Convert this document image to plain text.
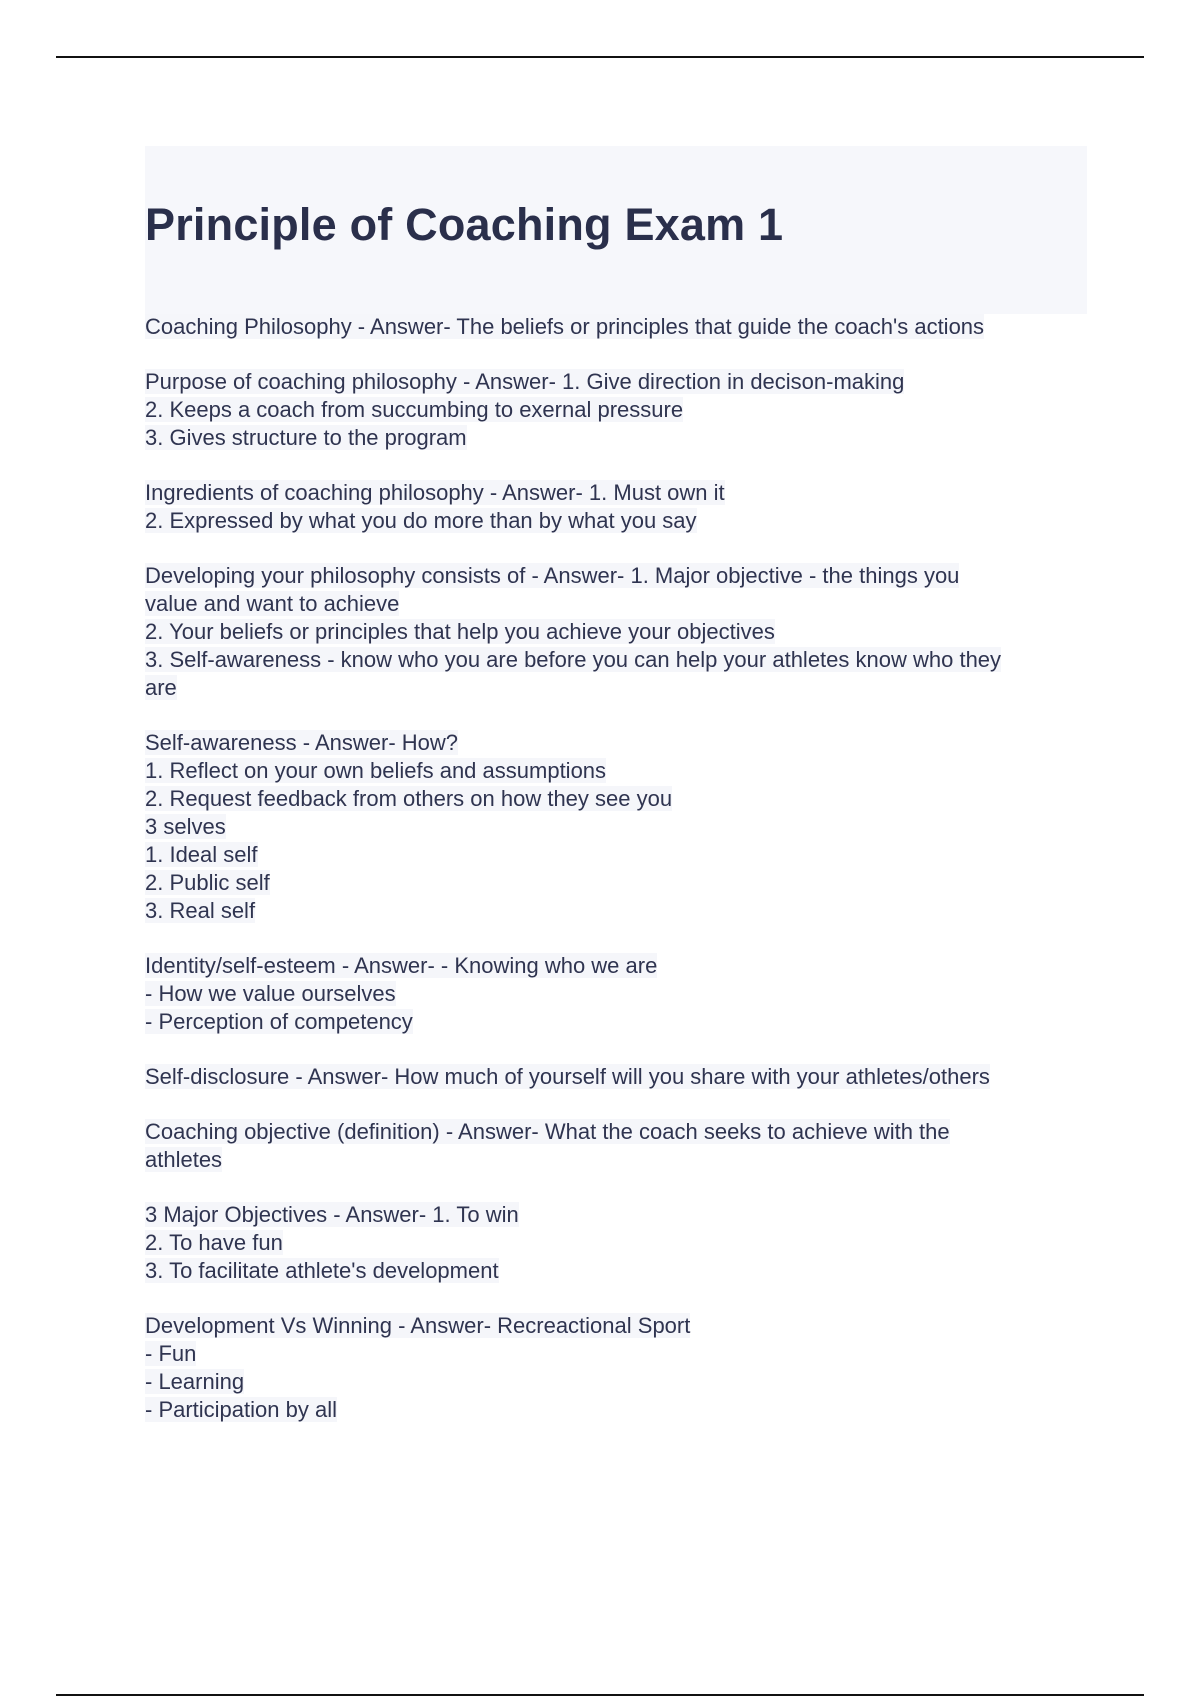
Principle of Coaching Exam 1
Coaching Philosophy - Answer- The beliefs or principles that guide the coach's actions
Purpose of coaching philosophy - Answer- 1. Give direction in decison-making
2. Keeps a coach from succumbing to exernal pressure
3. Gives structure to the program
Ingredients of coaching philosophy - Answer- 1. Must own it
2. Expressed by what you do more than by what you say
Developing your philosophy consists of - Answer- 1. Major objective - the things you
value and want to achieve
2. Your beliefs or principles that help you achieve your objectives
3. Self-awareness - know who you are before you can help your athletes know who they
are
Self-awareness - Answer- How?
1. Reflect on your own beliefs and assumptions
2. Request feedback from others on how they see you
3 selves
1. Ideal self
2. Public self
3. Real self
Identity/self-esteem - Answer- - Knowing who we are
- How we value ourselves
- Perception of competency
Self-disclosure - Answer- How much of yourself will you share with your athletes/others
Coaching objective (definition) - Answer- What the coach seeks to achieve with the
athletes
3 Major Objectives - Answer- 1. To win
2. To have fun
3. To facilitate athlete's development
Development Vs Winning - Answer- Recreactional Sport
- Fun
- Learning
- Participation by all
